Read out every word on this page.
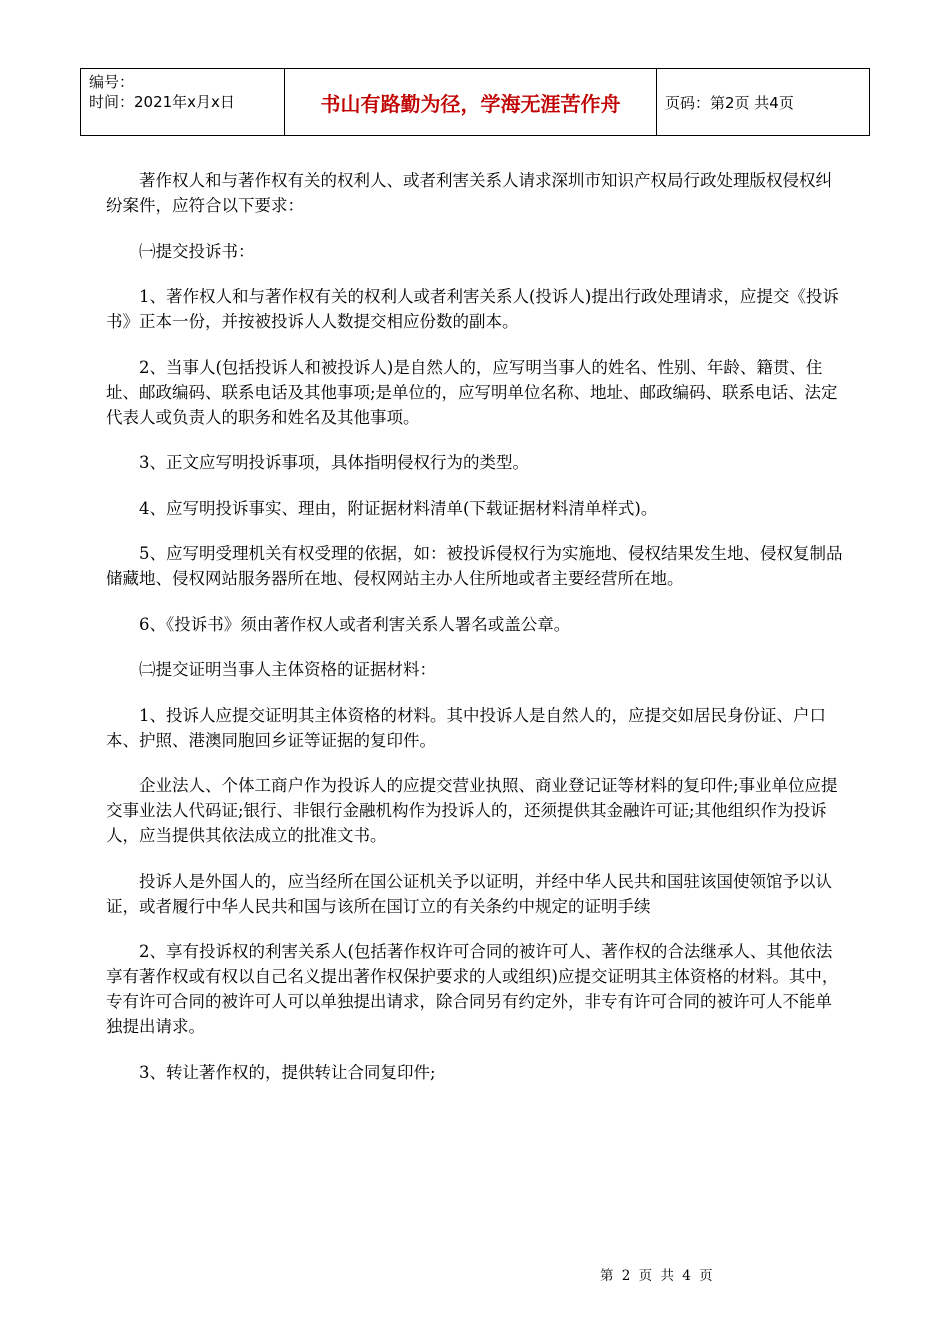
编号：
时间：2021年x月x日	书山有路勤为径，学海无涯苦作舟	页码：第2页 共4页

著作权人和与著作权有关的权利人、或者利害关系人请求深圳市知识产权局行政处理版权侵权纠纷案件，应符合以下要求：

㈠提交投诉书：

1、著作权人和与著作权有关的权利人或者利害关系人(投诉人)提出行政处理请求，应提交《投诉书》正本一份，并按被投诉人人数提交相应份数的副本。

2、当事人(包括投诉人和被投诉人)是自然人的，应写明当事人的姓名、性别、年龄、籍贯、住址、邮政编码、联系电话及其他事项;是单位的，应写明单位名称、地址、邮政编码、联系电话、法定代表人或负责人的职务和姓名及其他事项。

3、正文应写明投诉事项，具体指明侵权行为的类型。

4、应写明投诉事实、理由，附证据材料清单(下载证据材料清单样式)。

5、应写明受理机关有权受理的依据，如：被投诉侵权行为实施地、侵权结果发生地、侵权复制品储藏地、侵权网站服务器所在地、侵权网站主办人住所地或者主要经营所在地。

6、《投诉书》须由著作权人或者利害关系人署名或盖公章。

㈡提交证明当事人主体资格的证据材料：

1、投诉人应提交证明其主体资格的材料。其中投诉人是自然人的，应提交如居民身份证、户口本、护照、港澳同胞回乡证等证据的复印件。

企业法人、个体工商户作为投诉人的应提交营业执照、商业登记证等材料的复印件;事业单位应提交事业法人代码证;银行、非银行金融机构作为投诉人的，还须提供其金融许可证;其他组织作为投诉人，应当提供其依法成立的批准文书。

投诉人是外国人的，应当经所在国公证机关予以证明，并经中华人民共和国驻该国使领馆予以认证，或者履行中华人民共和国与该所在国订立的有关条约中规定的证明手续

2、享有投诉权的利害关系人(包括著作权许可合同的被许可人、著作权的合法继承人、其他依法享有著作权或有权以自己名义提出著作权保护要求的人或组织)应提交证明其主体资格的材料。其中，专有许可合同的被许可人可以单独提出请求，除合同另有约定外，非专有许可合同的被许可人不能单独提出请求。

3、转让著作权的，提供转让合同复印件;

第 2 页 共 4 页
